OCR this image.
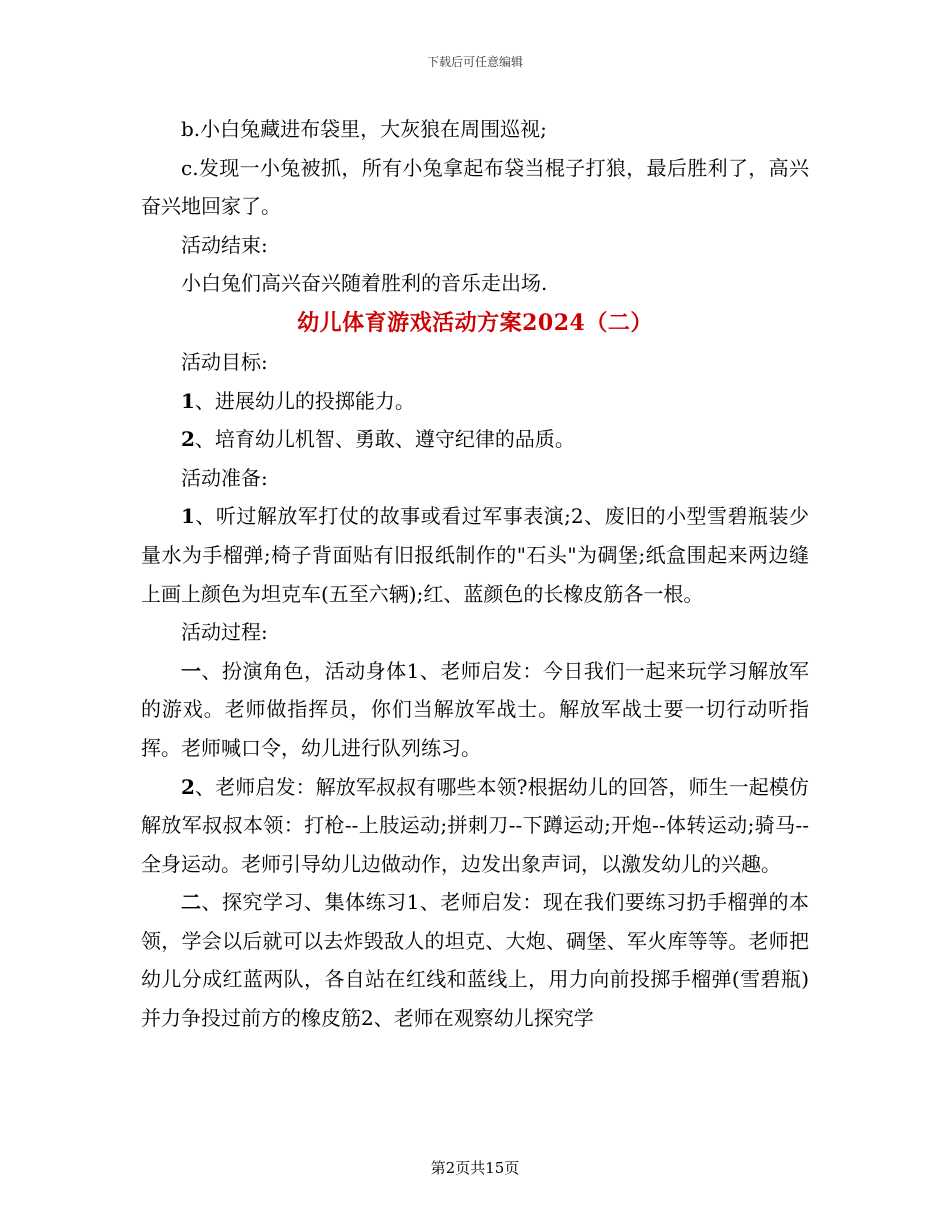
下载后可任意编辑

b.小白兔藏进布袋里，大灰狼在周围巡视;

c.发现一小兔被抓，所有小兔拿起布袋当棍子打狼，最后胜利了，高兴奋兴地回家了。

活动结束:

小白兔们高兴奋兴随着胜利的音乐走出场.

幼儿体育游戏活动方案2024（二）

活动目标:

1、进展幼儿的投掷能力。

2、培育幼儿机智、勇敢、遵守纪律的品质。

活动准备:

1、听过解放军打仗的故事或看过军事表演;2、废旧的小型雪碧瓶装少量水为手榴弹;椅子背面贴有旧报纸制作的"石头"为碉堡;纸盒围起来两边缝上画上颜色为坦克车(五至六辆);红、蓝颜色的长橡皮筋各一根。

活动过程:

一、扮演角色，活动身体1、老师启发：今日我们一起来玩学习解放军的游戏。老师做指挥员，你们当解放军战士。解放军战士要一切行动听指挥。老师喊口令，幼儿进行队列练习。

2、老师启发：解放军叔叔有哪些本领?根据幼儿的回答，师生一起模仿解放军叔叔本领：打枪--上肢运动;拼刺刀--下蹲运动;开炮--体转运动;骑马--全身运动。老师引导幼儿边做动作，边发出象声词，以激发幼儿的兴趣。

二、探究学习、集体练习1、老师启发：现在我们要练习扔手榴弹的本领，学会以后就可以去炸毁敌人的坦克、大炮、碉堡、军火库等等。老师把幼儿分成红蓝两队，各自站在红线和蓝线上，用力向前投掷手榴弹(雪碧瓶)并力争投过前方的橡皮筋2、老师在观察幼儿探究学

第2页共15页
